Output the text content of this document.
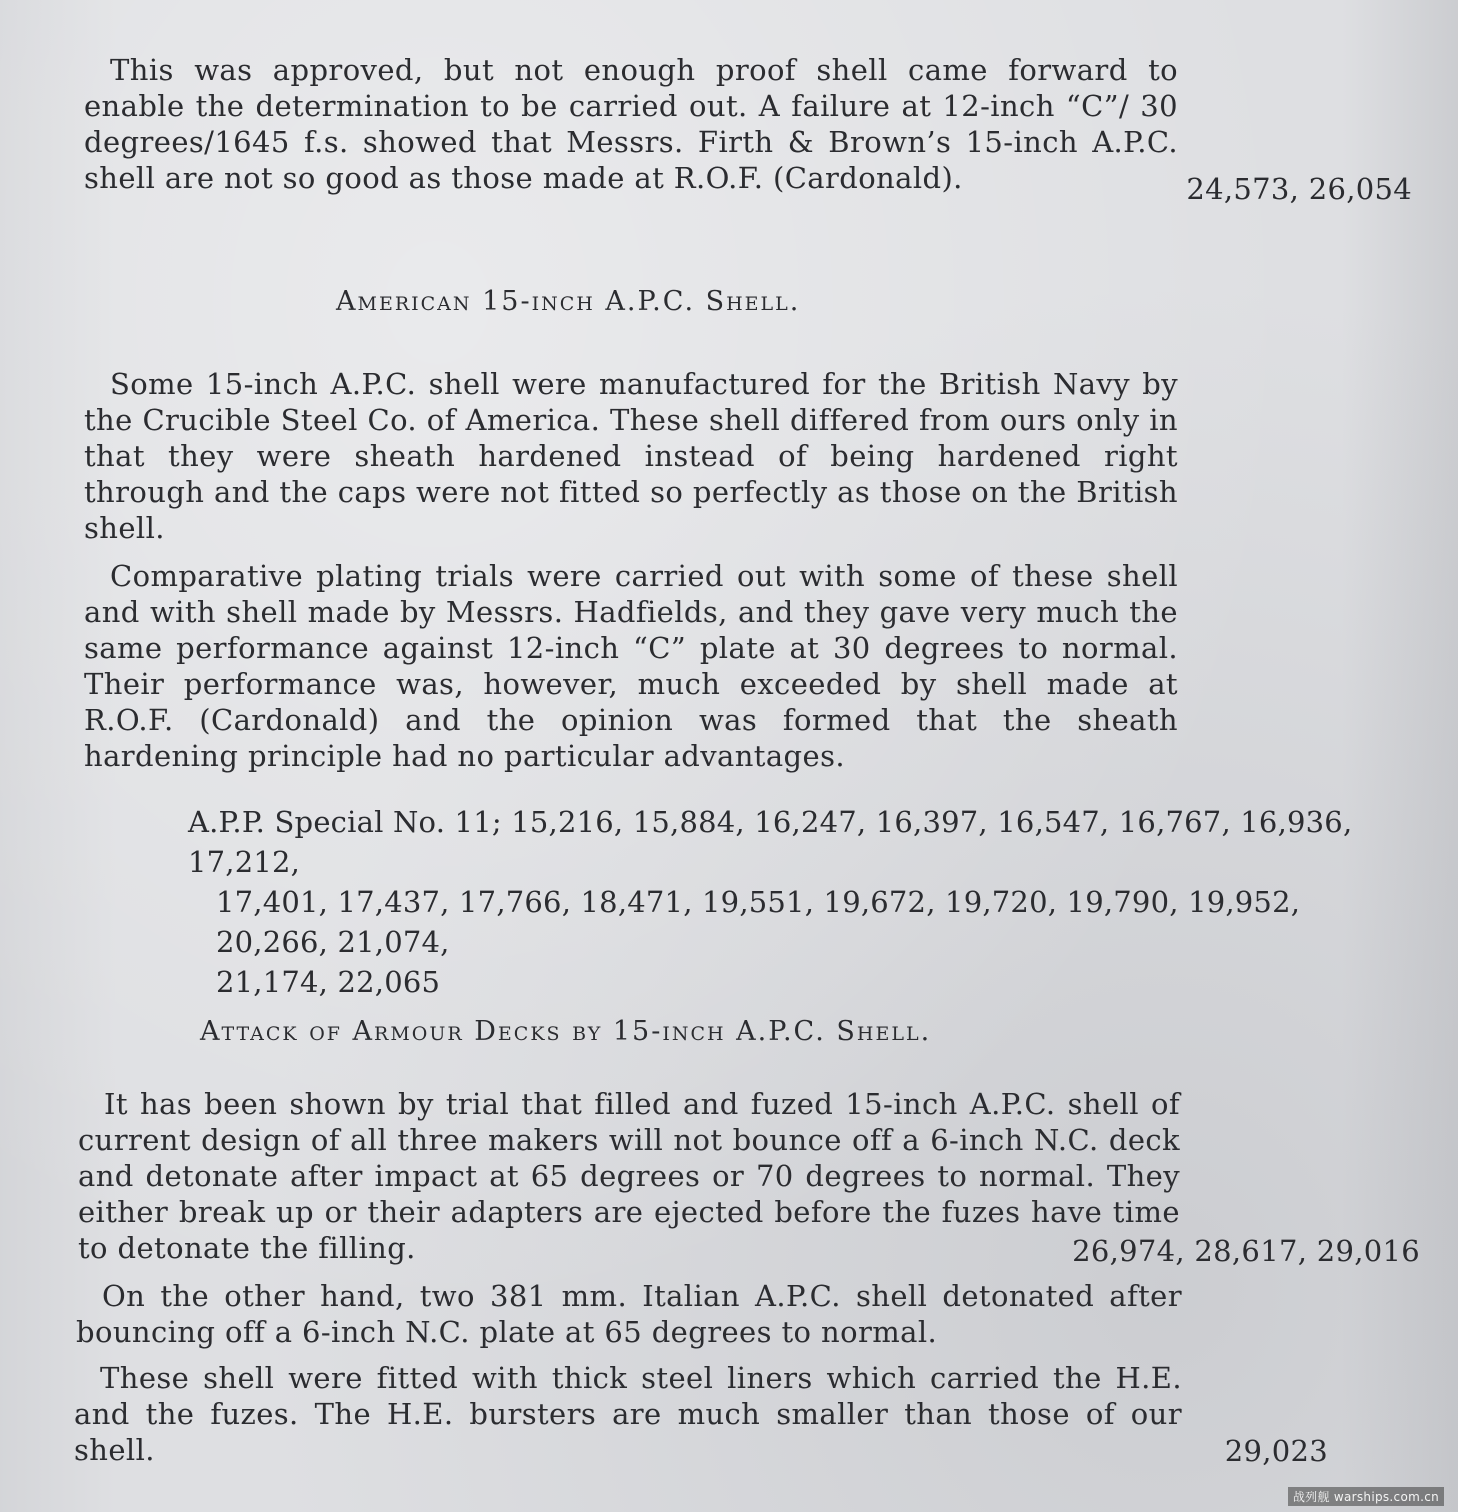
This was approved, but not enough proof shell came forward to enable the determination to be carried out. A failure at 12-inch “C”/ 30 degrees/1645 f.s. showed that Messrs. Firth & Brown’s 15-inch A.P.C. shell are not so good as those made at R.O.F. (Cardonald).	24,573, 26,054
American 15-inch A.P.C. Shell.
Some 15-inch A.P.C. shell were manufactured for the British Navy by the Crucible Steel Co. of America. These shell differed from ours only in that they were sheath hardened instead of being hardened right through and the caps were not fitted so perfectly as those on the British shell.
Comparative plating trials were carried out with some of these shell and with shell made by Messrs. Hadfields, and they gave very much the same performance against 12-inch “C” plate at 30 degrees to normal. Their performance was, however, much exceeded by shell made at R.O.F. (Cardonald) and the opinion was formed that the sheath hardening principle had no particular advantages.
A.P.P. Special No. 11; 15,216, 15,884, 16,247, 16,397, 16,547, 16,767, 16,936, 17,212,
17,401, 17,437, 17,766, 18,471, 19,551, 19,672, 19,720, 19,790, 19,952, 20,266, 21,074,
21,174, 22,065
Attack of Armour Decks by 15-inch A.P.C. Shell.
It has been shown by trial that filled and fuzed 15-inch A.P.C. shell of current design of all three makers will not bounce off a 6-inch N.C. deck and detonate after impact at 65 degrees or 70 degrees to normal. They either break up or their adapters are ejected before the fuzes have time to detonate the filling.	26,974, 28,617, 29,016
On the other hand, two 381 mm. Italian A.P.C. shell detonated after bouncing off a 6-inch N.C. plate at 65 degrees to normal.
These shell were fitted with thick steel liners which carried the H.E. and the fuzes. The H.E. bursters are much smaller than those of our shell.	29,023
战列舰 warships.com.cn
